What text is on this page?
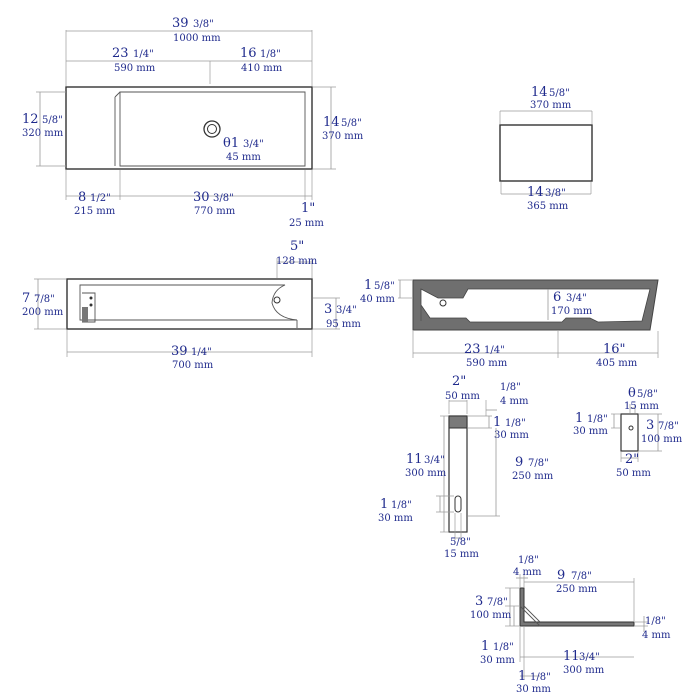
39 3/8"
1000 mm
23 1/4"
590 mm
16 1/8"
410 mm
12 5/8"
320 mm
14 5/8"
370 mm
θ1 3/4"
45 mm
8 1/2"
215 mm
30 3/8"
770 mm	1"
25 mm
14 5/8"
370 mm
14 3/8"
365 mm
5"
128 mm
7 7/8"
200 mm	3 3/4"
95 mm
39 1/4"
700 mm
1 5/8"
40 mm	6 3/4"
170 mm
23 1/4"
590 mm
16"
405 mm
2"
50 mm
1/8"
4 mm
1 1/8"
30 mm
11 3/4"
300 mm
9 7/8"
250 mm
1 1/8"
30 mm
5/8"
15 mm
θ 5/8"
15 mm
1 1/8"
30 mm	3 7/8"
100 mm
2"
50 mm
1/8"
4 mm 9 7/8"
250 mm
3 7/8"
100 mm
1/8"
4 mm
1 1/8"
30 mm	11 3/4"
300 mm
1 1/8"
30 mm
